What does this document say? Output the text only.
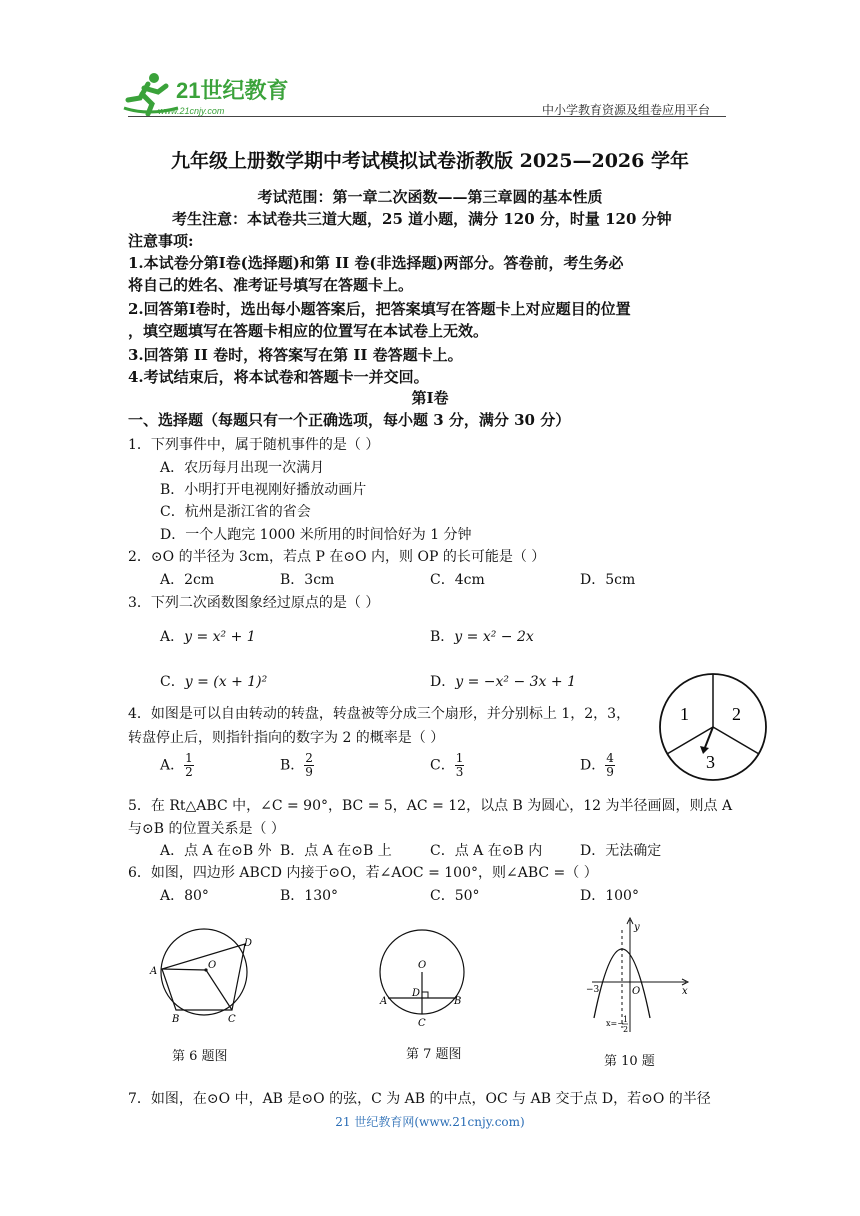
21世纪教育
www.21cnjy.com	中小学教育资源及组卷应用平台
九年级上册数学期中考试模拟试卷浙教版 2025—2026 学年
考试范围：第一章二次函数——第三章圆的基本性质
考生注意：本试卷共三道大题，25 道小题，满分 120 分，时量 120 分钟
注意事项:
1.本试卷分第Ⅰ卷(选择题)和第 II 卷(非选择题)两部分。答卷前，考生务必
将自己的姓名、准考证号填写在答题卡上。
2.回答第Ⅰ卷时，选出每小题答案后，把答案填写在答题卡上对应题目的位置
，填空题填写在答题卡相应的位置写在本试卷上无效。
3.回答第 II 卷时，将答案写在第 II 卷答题卡上。
4.考试结束后，将本试卷和答题卡一并交回。
第Ⅰ卷
一、选择题（每题只有一个正确选项，每小题 3 分，满分 30 分）
1．下列事件中，属于随机事件的是（ ）
A．农历每月出现一次满月
B．小明打开电视刚好播放动画片
C．杭州是浙江省的省会
D．一个人跑完 1000 米所用的时间恰好为 1 分钟
2．⊙O 的半径为 3cm，若点 P 在⊙O 内，则 OP 的长可能是（ ）
A．2cm	B．3cm	C．4cm	D．5cm
3．下列二次函数图象经过原点的是（ ）
A．y = x² + 1	B．y = x² − 2x
C．y = (x + 1)²	D．y = −x² − 3x + 1
1 2
3
4．如图是可以自由转动的转盘，转盘被等分成三个扇形，并分别标上 1，2，3，
转盘停止后，则指针指向的数字为 2 的概率是（ ）
A． $\frac{1}{2}$	B． $\frac{2}{9}$	C． $\frac{1}{3}$	D． $\frac{4}{9}$
5．在 Rt△ABC 中，∠C = 90°，BC = 5，AC = 12，以点 B 为圆心，12 为半径画圆，则点 A
与⊙B 的位置关系是（ ）
A．点 A 在⊙B 外 B．点 A 在⊙B 上	C．点 A 在⊙B 内	D．无法确定
6．如图，四边形 ABCD 内接于⊙O，若∠AOC = 100°，则∠ABC =（ ）
A．80°	B．130°	C．50°	D．100°
A
B	C
D
O
第 6 题图
O
A	B
C
D
第 7 题图
y
x
O
−3
x=− 1
2
第 10 题
7．如图，在⊙O 中，AB 是⊙O 的弦，C 为 AB 的中点，OC 与 AB 交于点 D，若⊙O 的半径
21 世纪教育网(www.21cnjy.com)
